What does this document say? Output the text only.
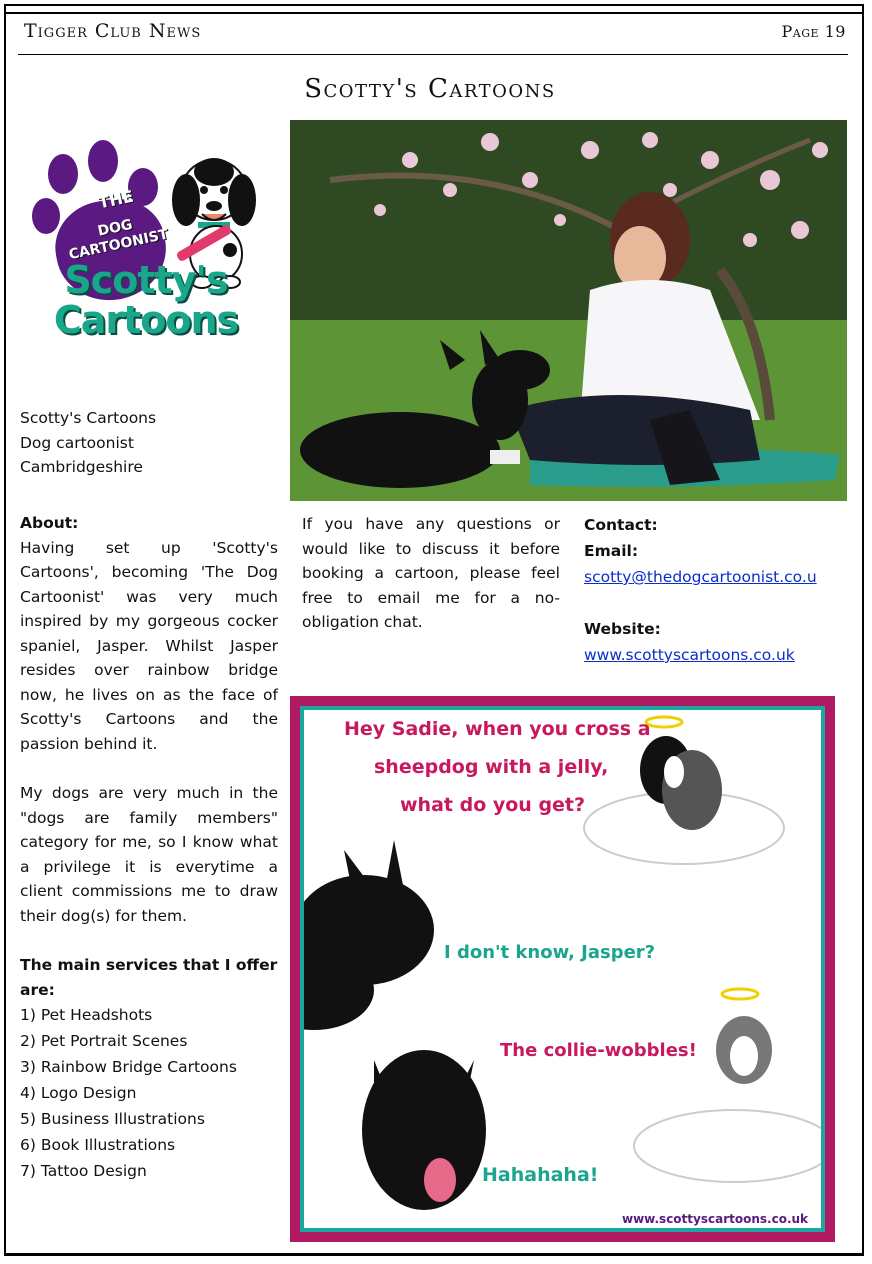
Tigger Club News	Page 19
Scotty's Cartoons
THE
DOG CARTOONIST
Scotty's
Cartoons
Scotty's Cartoons
Dog cartoonist
Cambridgeshire
About:
Having set up 'Scotty's Cartoons', becoming 'The Dog Cartoonist' was very much inspired by my gorgeous cocker spaniel, Jasper. Whilst Jasper resides over rainbow bridge now, he lives on as the face of Scotty's Cartoons and the passion behind it.
My dogs are very much in the "dogs are family members" category for me, so I know what a privilege it is everytime a client commissions me to draw their dog(s) for them.
The main services that I offer are:
1) Pet Headshots
2) Pet Portrait Scenes
3) Rainbow Bridge Cartoons
4) Logo Design
5) Business Illustrations
6) Book Illustrations
7) Tattoo Design
If you have any questions or would like to discuss it before booking a cartoon, please feel free to email me for a no-obligation chat.
Contact:
Email:
scotty@thedogcartoonist.co.u
Website:
www.scottyscartoons.co.uk
Hey Sadie, when you cross a
sheepdog with a jelly,
what do you get?
I don't know, Jasper?
The collie-wobbles!
Hahahaha!
www.scottyscartoons.co.uk
